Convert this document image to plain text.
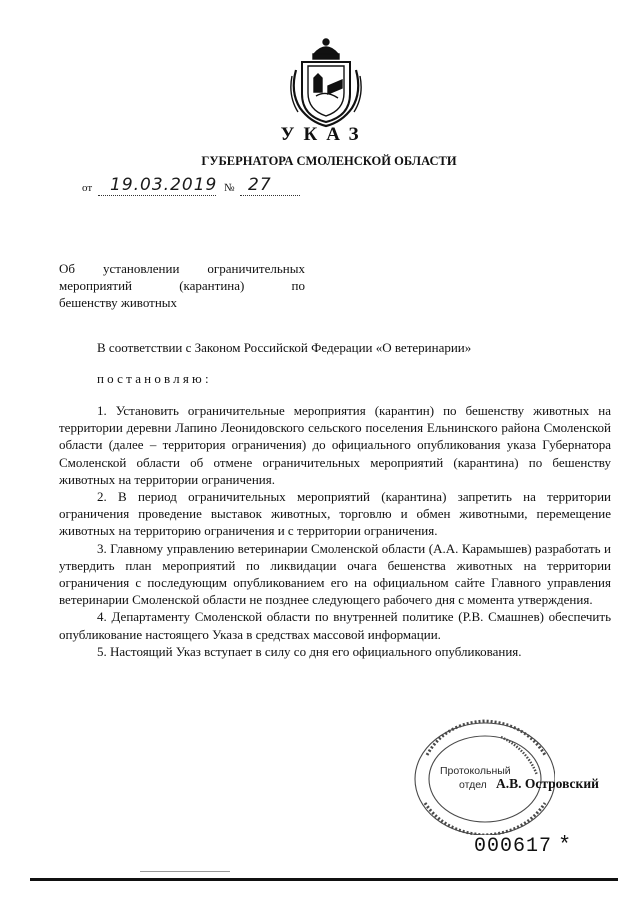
УКАЗ
ГУБЕРНАТОРА СМОЛЕНСКОЙ ОБЛАСТИ
от 19.03.2019 № 27

Об установлении ограничительных

мероприятий (карантина) по

бешенству животных

В соответствии с Законом Российской Федерации «О ветеринарии»
постановляю:

1. Установить ограничительные мероприятия (карантин) по бешенству животных на территории деревни Лапино Леонидовского сельского поселения Ельнинского района Смоленской области (далее – территория ограничения) до официального опубликования указа Губернатора Смоленской области об отмене ограничительных мероприятий (карантина) по бешенству животных на территории ограничения.

2. В период ограничительных мероприятий (карантина) запретить на территории ограничения проведение выставок животных, торговлю и обмен животными, перемещение животных на территорию ограничения и с территории ограничения.

3. Главному управлению ветеринарии Смоленской области (А.А. Карамышев) разработать и утвердить план мероприятий по ликвидации очага бешенства животных на территории ограничения с последующим опубликованием его на официальном сайте Главного управления ветеринарии Смоленской области не позднее следующего рабочего дня с момента утверждения.

4. Департаменту Смоленской области по внутренней политике (Р.В. Смашнев) обеспечить опубликование настоящего Указа в средствах массовой информации.

5. Настоящий Указ вступает в силу со дня его официального опубликования.

Протокольный
отдел А.В. Островский
000617 *
